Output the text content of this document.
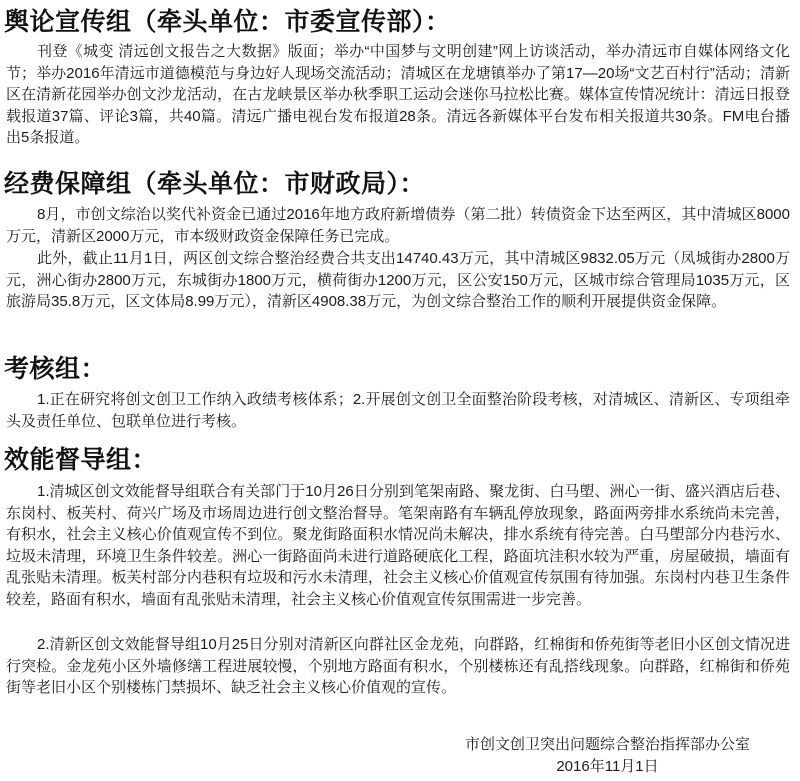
舆论宣传组（牵头单位：市委宣传部）：

刊登《城变 清远创文报告之大数据》版面；举办“中国梦与文明创建”网上访谈活动，举办清远市自媒体网络文化节；举办2016年清远市道德模范与身边好人现场交流活动；清城区在龙塘镇举办了第17—20场“文艺百村行”活动；清新区在清新花园举办创文沙龙活动，在古龙峡景区举办秋季职工运动会迷你马拉松比赛。媒体宣传情况统计：清远日报登载报道37篇、评论3篇，共40篇。清远广播电视台发布报道28条。清远各新媒体平台发布相关报道共30条。FM电台播出5条报道。

经费保障组（牵头单位：市财政局）：

8月，市创文综治以奖代补资金已通过2016年地方政府新增债券（第二批）转债资金下达至两区，其中清城区8000万元，清新区2000万元，市本级财政资金保障任务已完成。

此外，截止11月1日，两区创文综合整治经费合共支出14740.43万元，其中清城区9832.05万元（凤城街办2800万元，洲心街办2800万元，东城街办1800万元，横荷街办1200万元，区公安150万元，区城市综合管理局1035万元，区旅游局35.8万元，区文体局8.99万元），清新区4908.38万元，为创文综合整治工作的顺利开展提供资金保障。

考核组：

1.正在研究将创文创卫工作纳入政绩考核体系；2.开展创文创卫全面整治阶段考核，对清城区、清新区、专项组牵头及责任单位、包联单位进行考核。

效能督导组：

1.清城区创文效能督导组联合有关部门于10月26日分别到笔架南路、聚龙街、白马塱、洲心一街、盛兴酒店后巷、东岗村、板芙村、荷兴广场及市场周边进行创文整治督导。笔架南路有车辆乱停放现象，路面两旁排水系统尚未完善，有积水，社会主义核心价值观宣传不到位。聚龙街路面积水情况尚未解决，排水系统有待完善。白马塱部分内巷污水、垃圾未清理，环境卫生条件较差。洲心一街路面尚未进行道路硬底化工程，路面坑洼积水较为严重，房屋破损，墙面有乱张贴未清理。板芙村部分内巷积有垃圾和污水未清理，社会主义核心价值观宣传氛围有待加强。东岗村内巷卫生条件较差，路面有积水，墙面有乱张贴未清理，社会主义核心价值观宣传氛围需进一步完善。

2.清新区创文效能督导组10月25日分别对清新区向群社区金龙苑，向群路，红棉街和侨苑街等老旧小区创文情况进行突检。金龙苑小区外墙修缮工程进展较慢，个别地方路面有积水，个别楼栋还有乱搭线现象。向群路，红棉街和侨苑街等老旧小区个别楼栋门禁损坏、缺乏社会主义核心价值观的宣传。

市创文创卫突出问题综合整治指挥部办公室
2016年11月1日
